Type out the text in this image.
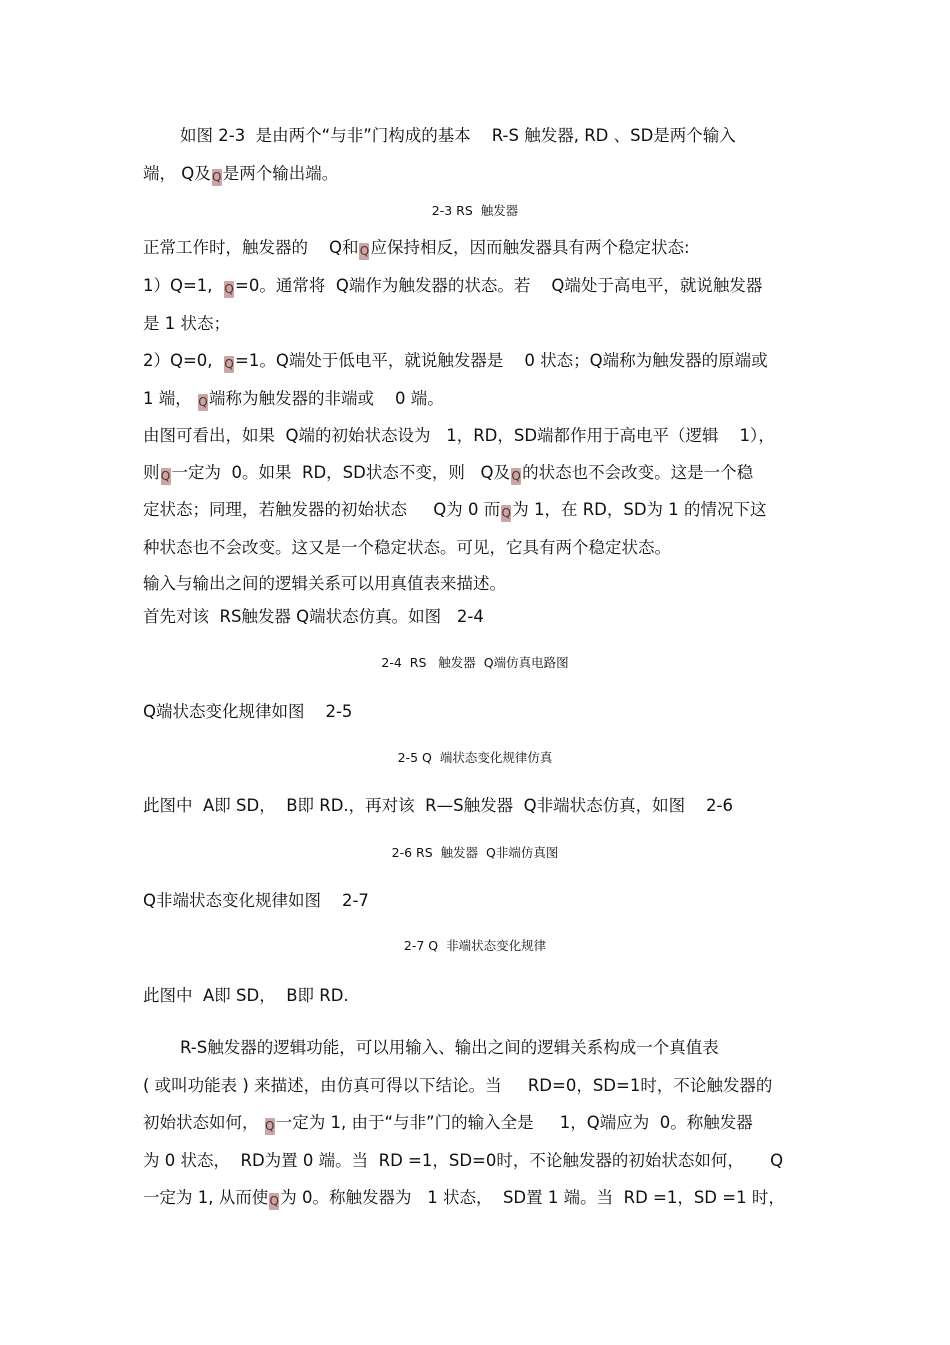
如图 2-3  是由两个“与非”门构成的基本    R-S 触发器, RD 、SD是两个输入
端， Q及Q是两个输出端。
2-3 RS  触发器
正常工作时，触发器的    Q和Q应保持相反，因而触发器具有两个稳定状态:
1）Q=1,  Q=0。通常将  Q端作为触发器的状态。若    Q端处于高电平，就说触发器
是 1 状态；
2）Q=0,  Q=1。Q端处于低电平，就说触发器是    0 状态；Q端称为触发器的原端或
1 端， Q端称为触发器的非端或    0 端。
由图可看出，如果  Q端的初始状态设为   1，RD，SD端都作用于高电平（逻辑    1），
则Q一定为  0。如果  RD，SD状态不变，则   Q及Q的状态也不会改变。这是一个稳
定状态；同理，若触发器的初始状态     Q为 0 而Q为 1，在 RD，SD为 1 的情况下这
种状态也不会改变。这又是一个稳定状态。可见，它具有两个稳定状态。
输入与输出之间的逻辑关系可以用真值表来描述。
首先对该  RS触发器 Q端状态仿真。如图   2-4
2-4  RS   触发器  Q端仿真电路图
Q端状态变化规律如图    2-5
2-5 Q  端状态变化规律仿真
此图中  A即 SD，  B即 RD.，再对该  R—S触发器  Q非端状态仿真，如图    2-6
2-6 RS  触发器  Q非端仿真图
Q非端状态变化规律如图    2-7
2-7 Q  非端状态变化规律
此图中  A即 SD，  B即 RD.
R-S触发器的逻辑功能，可以用输入、输出之间的逻辑关系构成一个真值表
( 或叫功能表 ) 来描述，由仿真可得以下结论。当     RD=0，SD=1时，不论触发器的
初始状态如何， Q一定为 1, 由于“与非”门的输入全是     1，Q端应为  0。称触发器
为 0 状态，  RD为置 0 端。当  RD =1，SD=0时，不论触发器的初始状态如何，     Q
一定为 1, 从而使Q为 0。称触发器为   1 状态，  SD置 1 端。当  RD =1，SD =1 时，
